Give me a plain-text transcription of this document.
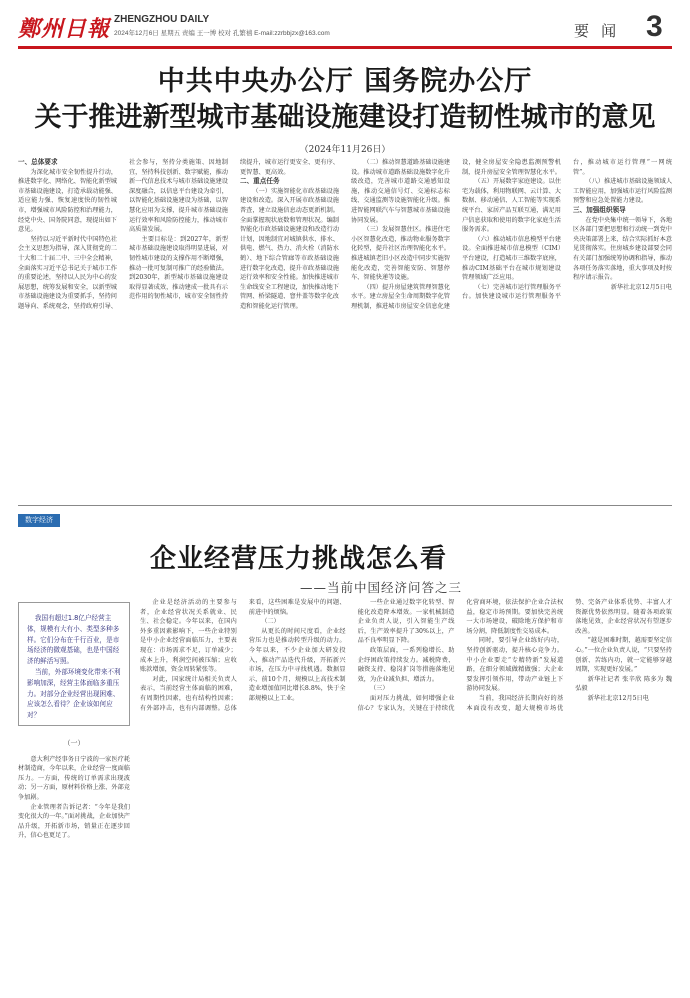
鄭州日報 ZHENGZHOU DAILY
2024年12月6日 星期五 责编 王一博 校对 孔繁禧 E-mail:zzrbbjzx@163.com	要 闻 3
中共中央办公厅 国务院办公厅
关于推进新型城市基础设施建设打造韧性城市的意见
（2024年11月26日）

一、总体要求

为深化城市安全韧性提升行动，推进数字化、网络化、智能化新型城市基础设施建设，打造承载动能强、适应能力强、恢复速度快的韧性城市，增强城市风险防控和治理能力，经党中央、国务院同意，现提出如下意见。

坚持以习近平新时代中国特色社会主义思想为指导，深入贯彻党的二十大和二十届二中、三中全会精神，全面落实习近平总书记关于城市工作的重要论述，坚持以人民为中心的发展思想，统筹发展和安全，以新型城市基础设施建设为重要抓手，坚持问题导向、系统观念，坚持政府引导、社会参与，坚持分类施策、因地制宜，坚持科技创新、数字赋能，推动新一代信息技术与城市基础设施建设深度融合，以信息平台建设为牵引，以智能化基础设施建设为基础，以智慧化应用为支撑，提升城市基础设施运行效率和风险防控能力，推动城市高质量发展。

主要目标是：到2027年，新型城市基础设施建设取得明显进展，对韧性城市建设的支撑作用不断增强，推动一批可复制可推广的经验做法。到2030年，新型城市基础设施建设取得显著成效，推动建成一批具有示范作用的韧性城市，城市安全韧性持续提升，城市运行更安全、更有序、更智慧、更高效。

二、重点任务

（一）实施智能化市政基础设施建设和改造。深入开展市政基础设施普查，建立设施信息动态更新机制。全面掌握现状底数和管理状况。编制智能化市政基础设施建设和改造行动计划，因地制宜对城镇供水、排水、供电、燃气、热力、消火栓（消防水鹤）、地下综合管廊等市政基础设施进行数字化改造，提升市政基础设施运行效率和安全性能。加快推进城市生命线安全工程建设，加快推动地下管网、桥梁隧道、窨井盖等数字化改造和智能化运行管理。

（二）推动智慧道路基础设施建设。推动城市道路基础设施数字化升级改造，完善城市道路交通感知设施，推动交通信号灯、交通标志标线、交通监测等设施智能化升级。推进智能网联汽车与智慧城市基础设施协同发展。

（三）发展智慧住区。推进住宅小区智慧化改造，推动物业服务数字化转型，提升社区治理智能化水平。推进城镇老旧小区改造中同步实施智能化改造，完善智能安防、智慧停车、智能快递等设施。

（四）提升房屋建筑管理智慧化水平。建立房屋全生命周期数字化管理机制，推进城市房屋安全信息化建设，健全房屋安全隐患监测预警机制，提升房屋安全管理智慧化水平。

（五）开展数字家庭建设。以住宅为载体，利用物联网、云计算、大数据、移动通信、人工智能等实现系统平台、家居产品互联互通，满足用户信息获取和使用的数字化家庭生活服务需求。

（六）推动城市信息模型平台建设。全面推进城市信息模型（CIM）平台建设，打造城市三维数字底座，推动CIM基础平台在城市规划建设管理领域广泛应用。

（七）完善城市运行管理服务平台。加快建设城市运行管理服务平台，推动城市运行管理“一网统管”。

（八）推进城市基础设施领域人工智能应用，加强城市运行风险监测预警和应急处置能力建设。

三、加强组织领导

在党中央集中统一领导下，各地区各部门要把思想和行动统一到党中央决策部署上来，结合实际抓好本意见贯彻落实。住房城乡建设部要会同有关部门加强统筹协调和指导，推动各项任务落实落地，重大事项及时按程序请示报告。

新华社北京12月5日电

数字经济
企业经营压力挑战怎么看
——当前中国经济问答之三

我国有超过1.8亿户经营主体，规模有大有小、类型多种多样。它们分布在千行百业，是市场经济的微观基础，也是中国经济的鲜活写照。

当前，外部环境变化带来不利影响加深，经营主体面临多重压力。对部分企业经营出现困难、应该怎么看待？企业该如何应对？

（一）

意大利产经事务日宁波的一家医疗耗材制造商，今年以来，企业经营一度面临压力。一方面，传统的订单需求出现波动；另一方面，原材料价格上涨、外部竞争加剧。

企业管理者告诉记者：“今年是我们变化很大的一年。”面对挑战，企业加快产品升级，开拓新市场，销量正在逐步回升，信心也更足了。

企业是经济活动的主要参与者，企业经营状况关系就业、民生、社会稳定。今年以来，在国内外多重因素影响下，一些企业特别是中小企业经营面临压力，主要表现在：市场需求不足，订单减少；成本上升，利润空间被压缩；应收账款增加，资金周转紧张等。

对此，国家统计局相关负责人表示，当前经营主体面临的困难，有周期性因素，也有结构性因素；有外部冲击，也有内部调整。总体来看，这些困难是发展中的问题、前进中的烦恼。

（二）

从更长的时间尺度看，企业经营压力也是推动转型升级的动力。今年以来，不少企业加大研发投入，推动产品迭代升级，开拓新兴市场，在压力中寻找机遇。数据显示，前10个月，规模以上高技术制造业增加值同比增长8.8%，快于全部规模以上工业。

一些企业通过数字化转型、智能化改造降本增效。一家机械制造企业负责人说，引入智能生产线后，生产效率提升了30%以上，产品不良率明显下降。

政策层面，一系列稳增长、助企纾困政策持续发力。减税降费、融资支持、稳岗扩岗等措施落地见效，为企业减负担、增活力。

（三）

面对压力挑战，如何增强企业信心？专家认为，关键在于持续优化营商环境，依法保护企业合法权益，稳定市场预期。要加快完善统一大市场建设，破除地方保护和市场分割，降低制度性交易成本。

同时，要引导企业练好内功，坚持创新驱动，提升核心竞争力。中小企业要走“专精特新”发展道路，在细分领域做精做强；大企业要发挥引领作用，带动产业链上下游协同发展。

当前，我国经济长期向好的基本面没有改变，超大规模市场优势、完备产业体系优势、丰富人才资源优势依然明显。随着各项政策落地见效，企业经营状况有望逐步改善。

“越是困难时期，越需要坚定信心。”一位企业负责人说，“只要坚持创新、苦练内功，就一定能够穿越周期，实现更好发展。”

新华社记者 张辛欣 陈多为 魏弘毅

新华社北京12月5日电
